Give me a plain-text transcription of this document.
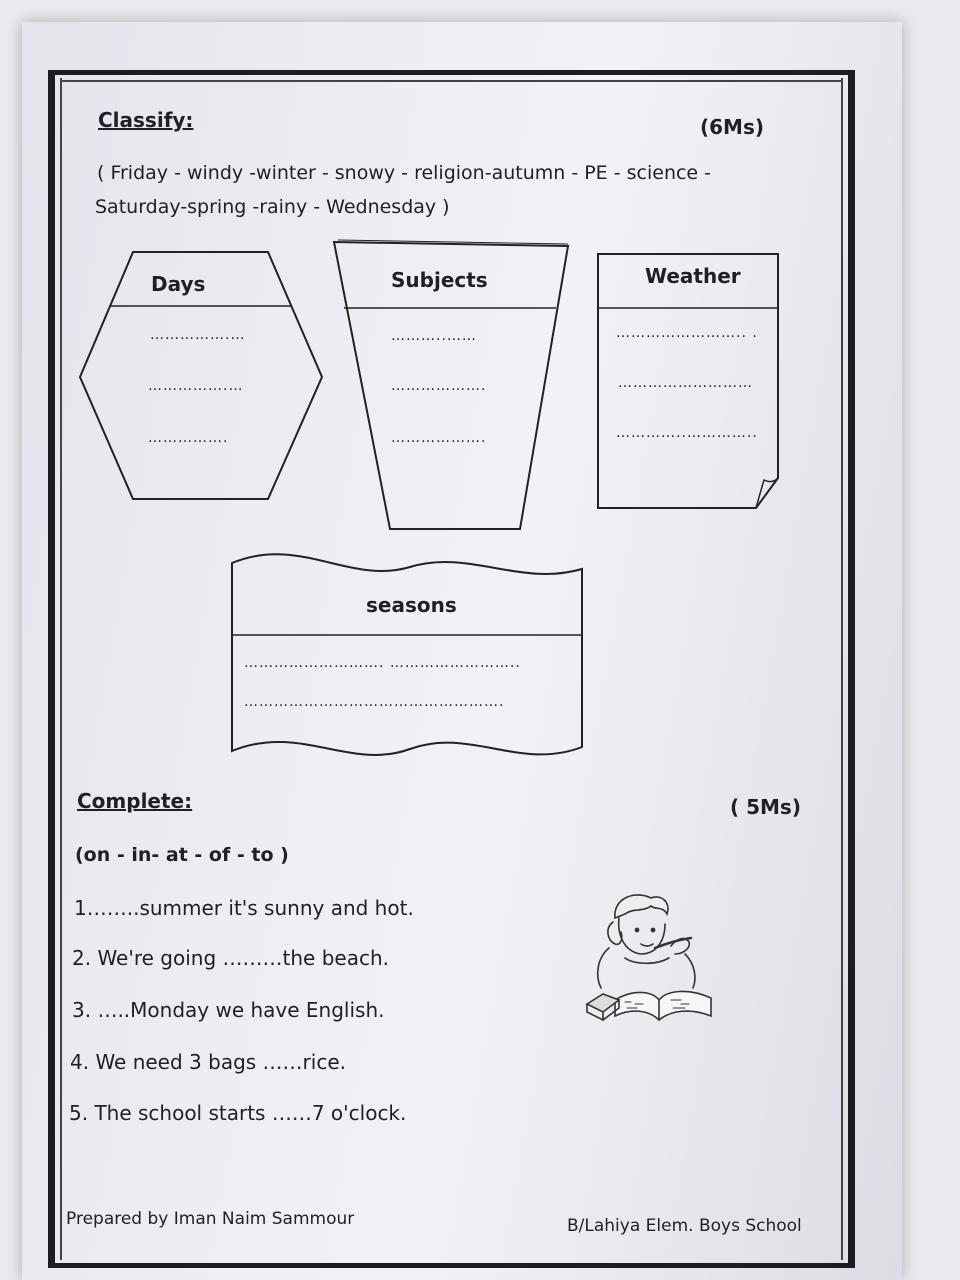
Classify:	(6Ms)
( Friday - windy -winter - snowy - religion-autumn - PE - science -
Saturday-spring -rainy - Wednesday )
Days
…………….…
…………….…
…………….
Subjects
………..……
……………….
……………….
Weather
…………………….. .
………………………
…………..…………..
seasons
………………………. ……………………..
…………………………………………….
Complete:	( 5Ms)
(on - in- at - of - to )
1……..summer it's sunny and hot.
2. We're going ………the beach.
3. …..Monday we have English.
4. We need 3 bags ……rice.
5. The school starts ……7 o'clock.
Prepared by Iman Naim Sammour	B/Lahiya Elem. Boys School
